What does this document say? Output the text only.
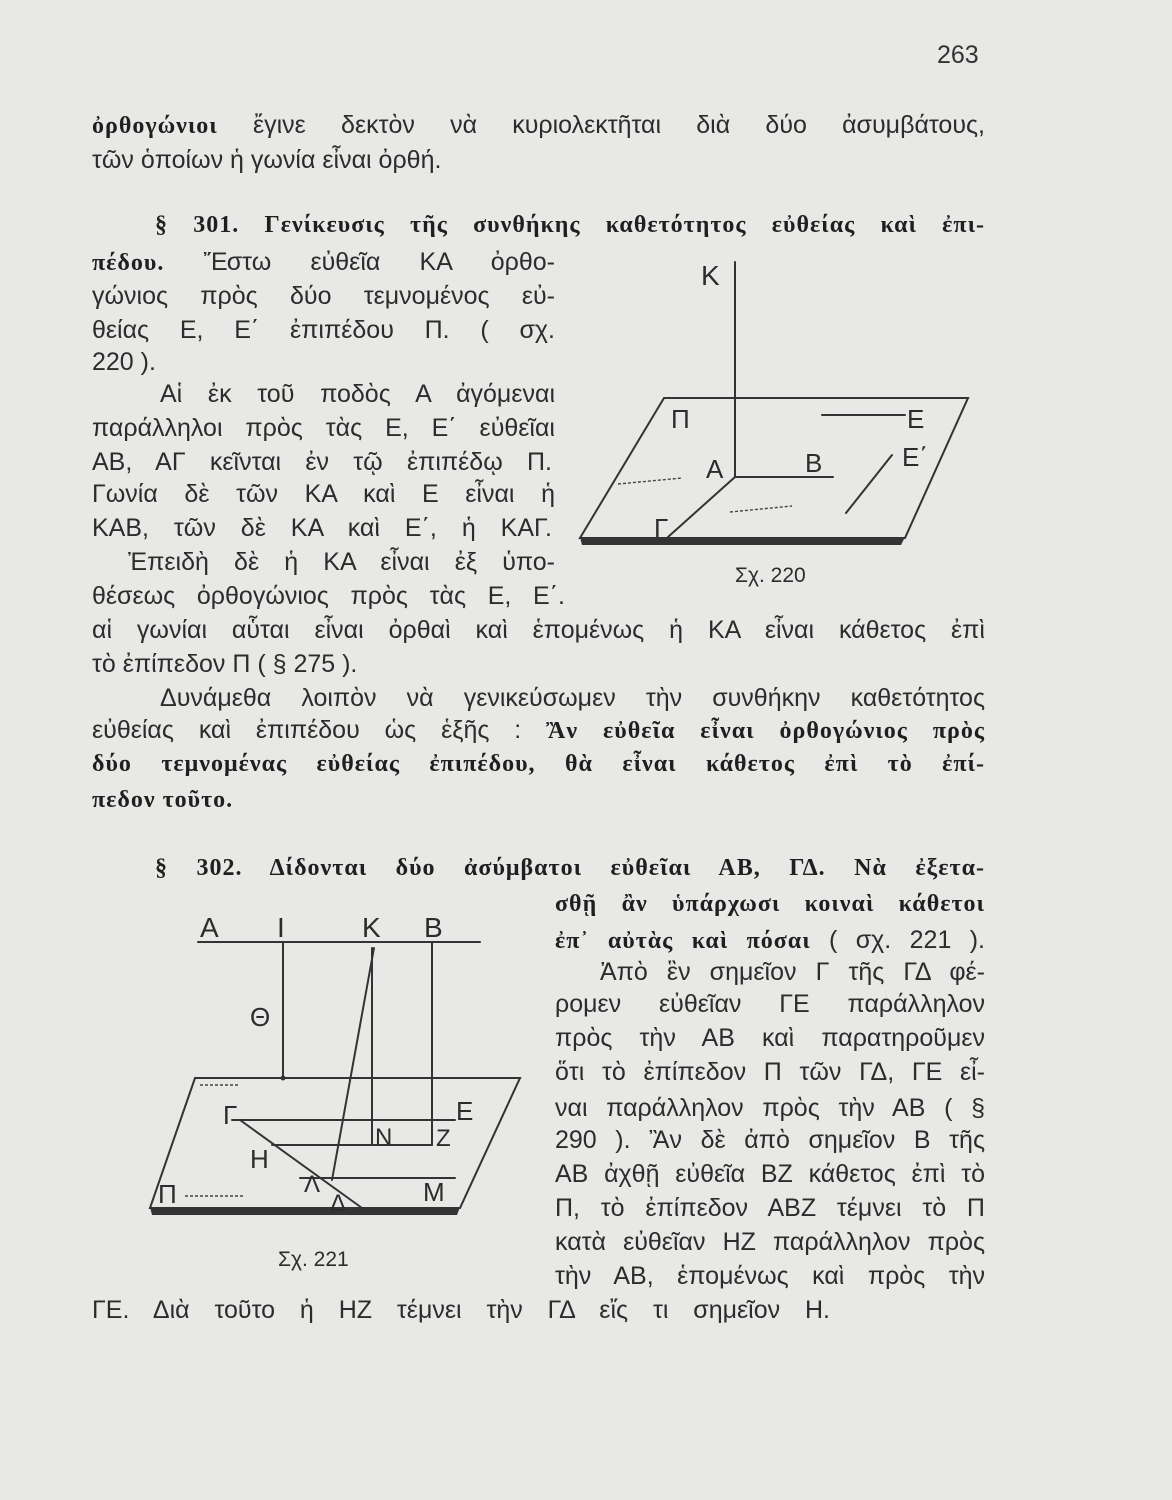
263
ὀρθογώνιοι ἔγινε δεκτὸν νὰ κυριολεκτῆται διὰ δύο ἀσυμβάτους,
τῶν ὁποίων ἡ γωνία εἶναι ὀρθή.
§ 301. Γενίκευσις τῆς συνθήκης καθετότητος εὐθείας καὶ ἐπι-
πέδου. Ἔστω εὐθεῖα ΚΑ ὀρθο-
γώνιος πρὸς δύο τεμνομένος εὐ-
θείας Ε, Ε΄ ἐπιπέδου Π. ( σχ.
220 ).
Αἱ ἐκ τοῦ ποδὸς Α ἀγόμεναι
παράλληλοι πρὸς τὰς Ε, Ε΄ εὐθεῖαι
ΑΒ, ΑΓ κεῖνται ἐν τῷ ἐπιπέδῳ Π.
Γωνία δὲ τῶν ΚΑ καὶ Ε εἶναι ἡ
ΚΑΒ, τῶν δὲ ΚΑ καὶ Ε΄, ἡ ΚΑΓ.
Ἐπειδὴ δὲ ἡ ΚΑ εἶναι ἐξ ὑπο-
θέσεως ὀρθογώνιος πρὸς τὰς Ε, Ε΄.
αἱ γωνίαι αὗται εἶναι ὀρθαὶ καὶ ἑπομένως ἡ ΚΑ εἶναι κάθετος ἐπὶ
τὸ ἐπίπεδον Π ( § 275 ).
Δυνάμεθα λοιπὸν νὰ γενικεύσωμεν τὴν συνθήκην καθετότητος
εὐθείας καὶ ἐπιπέδου ὡς ἑξῆς : Ἂν εὐθεῖα εἶναι ὀρθογώνιος πρὸς
δύο τεμνομένας εὐθείας ἐπιπέδου, θὰ εἶναι κάθετος ἐπὶ τὸ ἐπί-
πεδον τοῦτο.
Κ
Π
Α	Β
Γ
Ε
Ε΄
Σχ. 220
§ 302. Δίδονται δύο ἀσύμβατοι εὐθεῖαι ΑΒ, ΓΔ. Νὰ ἐξετα-
σθῇ ἂν ὑπάρχωσι κοιναὶ κάθετοι
ἐπ᾽ αὐτὰς καὶ πόσαι ( σχ. 221 ).
Ἀπὸ ἓν σημεῖον Γ τῆς ΓΔ φέ-
ρομεν εὐθεῖαν ΓΕ παράλληλον
πρὸς τὴν ΑΒ καὶ παρατηροῦμεν
ὅτι τὸ ἐπίπεδον Π τῶν ΓΔ, ΓΕ εἶ-
ναι παράλληλον πρὸς τὴν ΑΒ ( §
290 ). Ἂν δὲ ἀπὸ σημεῖον Β τῆς
ΑΒ ἀχθῇ εὐθεῖα ΒΖ κάθετος ἐπὶ τὸ
Π, τὸ ἐπίπεδον ΑΒΖ τέμνει τὸ Π
κατὰ εὐθεῖαν ΗΖ παράλληλον πρὸς
τὴν ΑΒ, ἑπομένως καὶ πρὸς τὴν
ΓΕ. Διὰ τοῦτο ἡ ΗΖ τέμνει τὴν ΓΔ εἴς τι σημεῖον Η.
Α Ι	Κ Β
Θ
Γ	Ε
Ν Ζ
Η
Λ
Δ	Μ
Π
Σχ. 221
